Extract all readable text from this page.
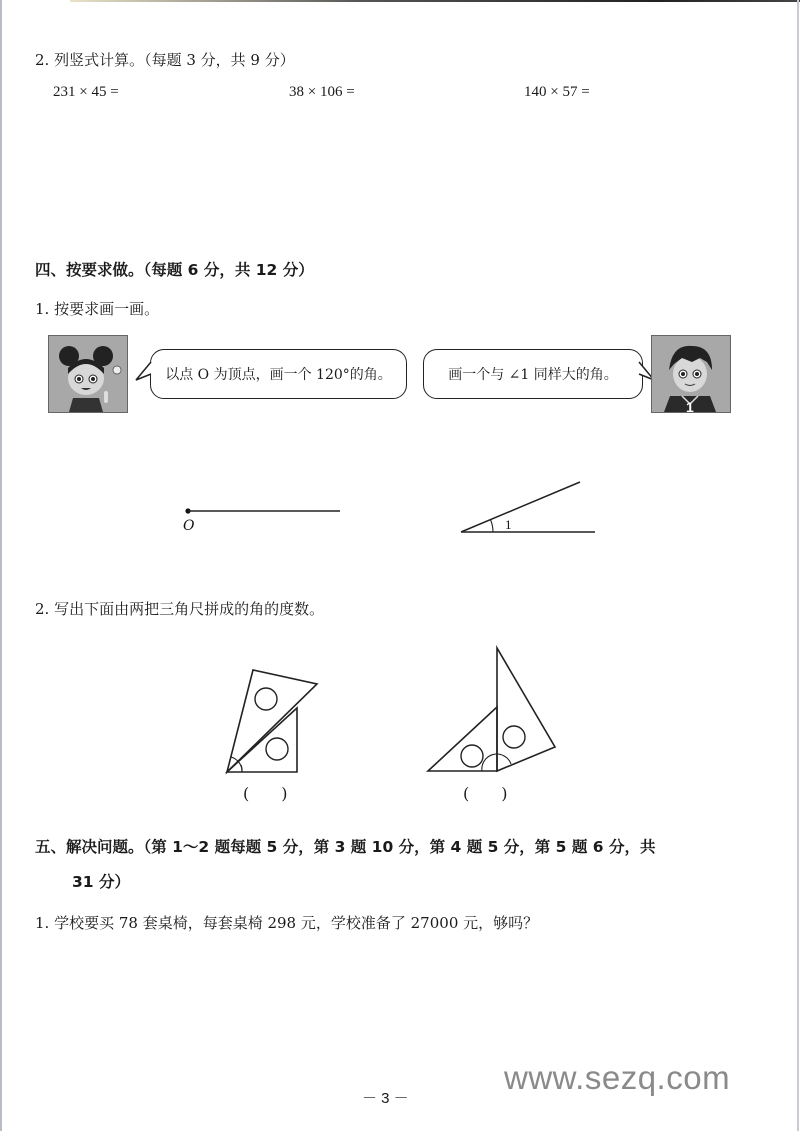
2. 列竖式计算。（每题 3 分，共 9 分）
231 × 45 =	38 × 106 =	140 × 57 =
四、按要求做。（每题 6 分，共 12 分）
1. 按要求画一画。
以点 O 为顶点，画一个 120°的角。	画一个与 ∠1 同样大的角。
1
O	1
2. 写出下面由两把三角尺拼成的角的度数。
(　　)	(　　)
五、解决问题。（第 1～2 题每题 5 分，第 3 题 10 分，第 4 题 5 分，第 5 题 6 分，共
31 分）
1. 学校要买 78 套桌椅，每套桌椅 298 元，学校准备了 27000 元，够吗？
－ 3 －
www.sezq.com
